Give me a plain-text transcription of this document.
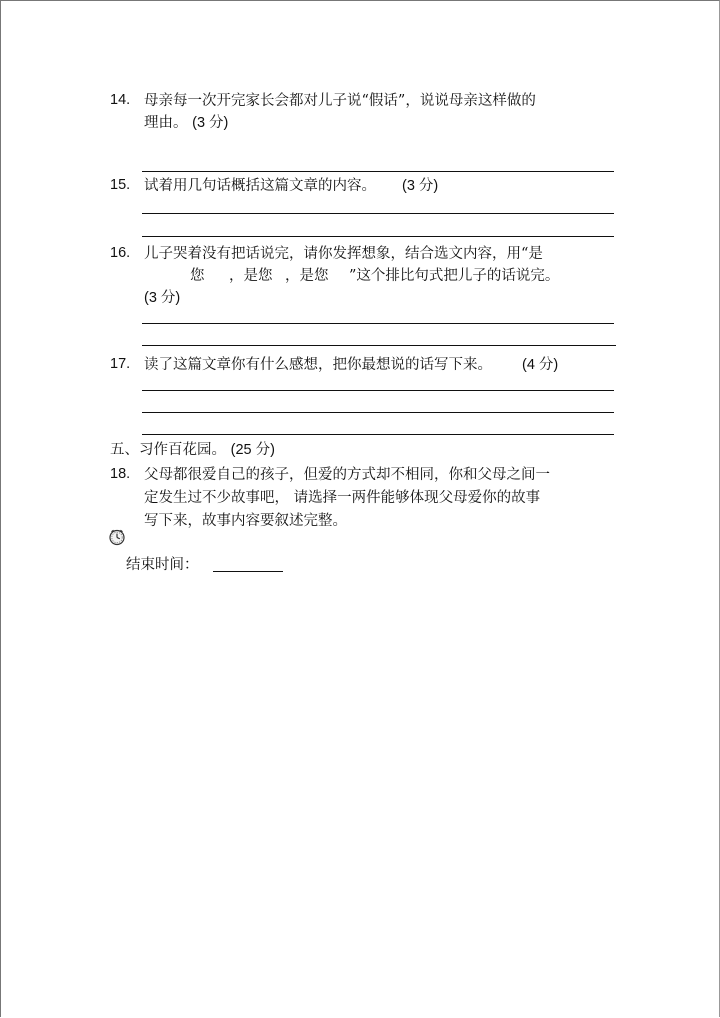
14. 母亲每一次开完家长会都对儿子说“假话”，说说母亲这样做的
理由。 (3 分)
15. 试着用几句话概括这篇文章的内容。 (3 分)
16. 儿子哭着没有把话说完，请你发挥想象，结合选文内容，用“是
您 ，是您 ，是您 ”这个排比句式把儿子的话说完。
(3 分)
17. 读了这篇文章你有什么感想，把你最想说的话写下来。 (4 分)
五、习作百花园。 (25 分)
18. 父母都很爱自己的孩子，但爱的方式却不相同，你和父母之间一
定发生过不少故事吧， 请选择一两件能够体现父母爱你的故事
写下来，故事内容要叙述完整。
结束时间：
